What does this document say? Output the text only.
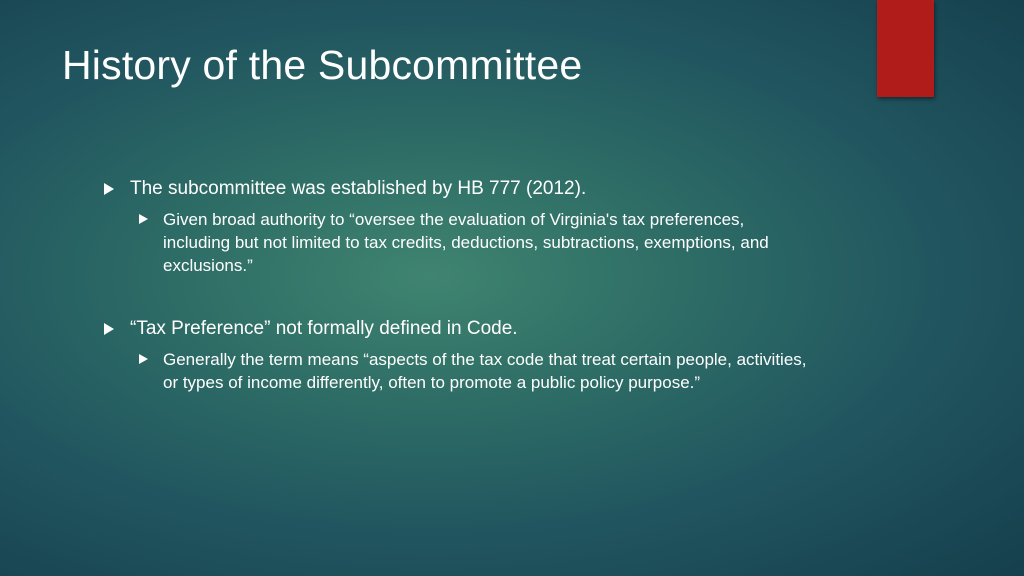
History of the Subcommittee
The subcommittee was established by HB 777 (2012).
Given broad authority to “oversee the evaluation of Virginia's tax preferences, including but not limited to tax credits, deductions, subtractions, exemptions, and exclusions.”
“Tax Preference” not formally defined in Code.
Generally the term means “aspects of the tax code that treat certain people, activities, or types of income differently, often to promote a public policy purpose.”
